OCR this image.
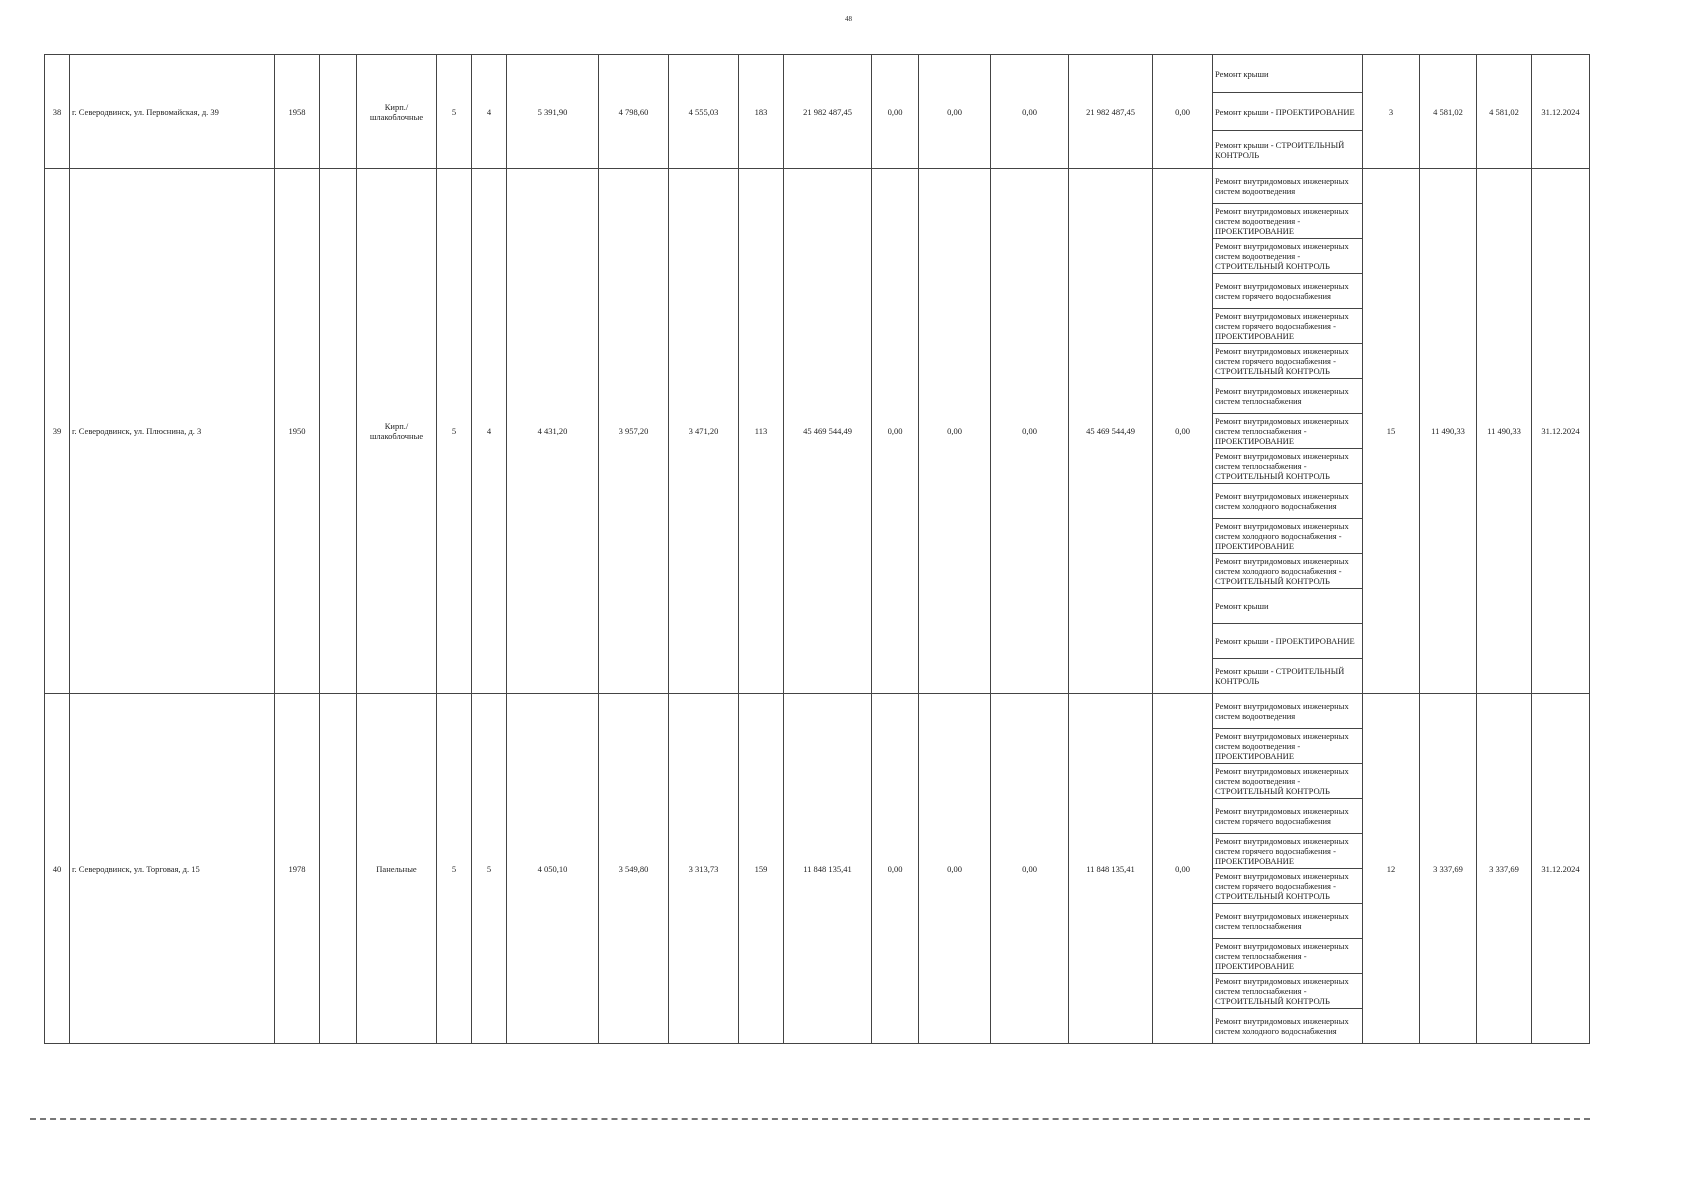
48
38	г. Северодвинск, ул. Первомайская, д. 39	1958		Кирп./ шлакоблочные	5	4	5 391,90	4 798,60	4 555,03	183	21 982 487,45	0,00	0,00	0,00	21 982 487,45	0,00	Ремонт крыши	3	4 581,02	4 581,02	31.12.2024
																	Ремонт крыши - ПРОЕКТИРОВАНИЕ				
																	Ремонт крыши - СТРОИТЕЛЬНЫЙ КОНТРОЛЬ				
39	г. Северодвинск, ул. Плюснина, д. 3	1950		Кирп./ шлакоблочные	5	4	4 431,20	3 957,20	3 471,20	113	45 469 544,49	0,00	0,00	0,00	45 469 544,49	0,00	Ремонт внутридомовых инженерных систем водоотведения	15	11 490,33	11 490,33	31.12.2024
																	Ремонт внутридомовых инженерных систем водоотведения - ПРОЕКТИРОВАНИЕ				
																	Ремонт внутридомовых инженерных систем водоотведения - СТРОИТЕЛЬНЫЙ КОНТРОЛЬ				
																	Ремонт внутридомовых инженерных систем горячего водоснабжения				
																	Ремонт внутридомовых инженерных систем горячего водоснабжения - ПРОЕКТИРОВАНИЕ				
																	Ремонт внутридомовых инженерных систем горячего водоснабжения - СТРОИТЕЛЬНЫЙ КОНТРОЛЬ				
																	Ремонт внутридомовых инженерных систем теплоснабжения				
																	Ремонт внутридомовых инженерных систем теплоснабжения - ПРОЕКТИРОВАНИЕ				
																	Ремонт внутридомовых инженерных систем теплоснабжения - СТРОИТЕЛЬНЫЙ КОНТРОЛЬ				
																	Ремонт внутридомовых инженерных систем холодного водоснабжения				
																	Ремонт внутридомовых инженерных систем холодного водоснабжения - ПРОЕКТИРОВАНИЕ				
																	Ремонт внутридомовых инженерных систем холодного водоснабжения - СТРОИТЕЛЬНЫЙ КОНТРОЛЬ				
																	Ремонт крыши				
																	Ремонт крыши - ПРОЕКТИРОВАНИЕ				
																	Ремонт крыши - СТРОИТЕЛЬНЫЙ КОНТРОЛЬ				
40	г. Северодвинск, ул. Торговая, д. 15	1978		Панельные	5	5	4 050,10	3 549,80	3 313,73	159	11 848 135,41	0,00	0,00	0,00	11 848 135,41	0,00	Ремонт внутридомовых инженерных систем водоотведения	12	3 337,69	3 337,69	31.12.2024
																	Ремонт внутридомовых инженерных систем водоотведения - ПРОЕКТИРОВАНИЕ				
																	Ремонт внутридомовых инженерных систем водоотведения - СТРОИТЕЛЬНЫЙ КОНТРОЛЬ				
																	Ремонт внутридомовых инженерных систем горячего водоснабжения				
																	Ремонт внутридомовых инженерных систем горячего водоснабжения - ПРОЕКТИРОВАНИЕ				
																	Ремонт внутридомовых инженерных систем горячего водоснабжения - СТРОИТЕЛЬНЫЙ КОНТРОЛЬ				
																	Ремонт внутридомовых инженерных систем теплоснабжения				
																	Ремонт внутридомовых инженерных систем теплоснабжения - ПРОЕКТИРОВАНИЕ				
																	Ремонт внутридомовых инженерных систем теплоснабжения - СТРОИТЕЛЬНЫЙ КОНТРОЛЬ				
																	Ремонт внутридомовых инженерных систем холодного водоснабжения				
